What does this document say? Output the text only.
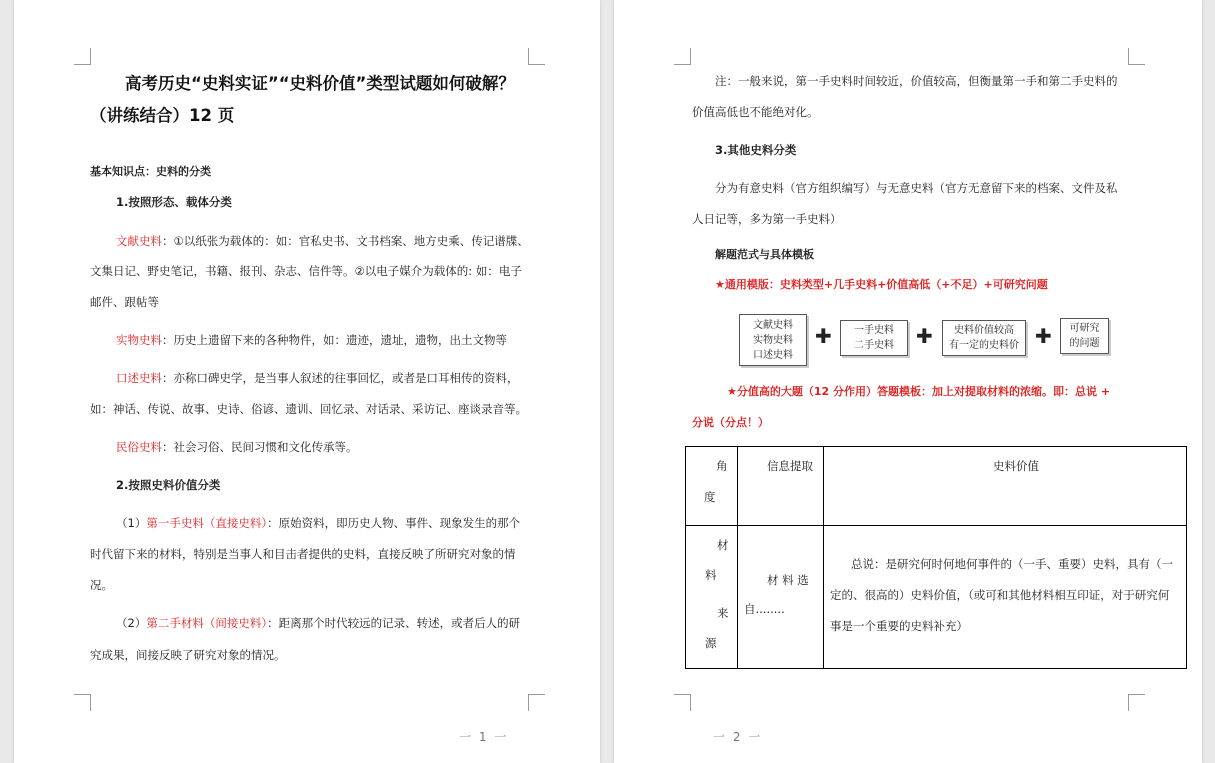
高考历史“史料实证”“史料价值”类型试题如何破解？
（讲练结合）12 页
基本知识点：史料的分类
1.按照形态、载体分类
文献史料：①以纸张为载体的：如：官私史书、文书档案、地方史乘、传记谱牒、
文集日记、野史笔记，书籍、报刊、杂志、信件等。②以电子媒介为载体的: 如：电子
邮件、跟帖等
实物史料：历史上遗留下来的各种物件，如：遗迹，遗址，遗物，出土文物等
口述史料：亦称口碑史学，是当事人叙述的往事回忆，或者是口耳相传的资料，
如：神话、传说、故事、史诗、俗谚、遗训、回忆录、对话录、采访记、座谈录音等。
民俗史料：社会习俗、民间习惯和文化传承等。
2.按照史料价值分类
（1）第一手史料（直接史料）：原始资料，即历史人物、事件、现象发生的那个
时代留下来的材料，特别是当事人和目击者提供的史料，直接反映了所研究对象的情
况。
（2）第二手材料（间接史料）：距离那个时代较远的记录、转述，或者后人的研
究成果，间接反映了研究对象的情况。
一 1 一
注：一般来说，第一手史料时间较近，价值较高，但衡量第一手和第二手史料的
价值高低也不能绝对化。
3.其他史料分类
分为有意史料（官方组织编写）与无意史料（官方无意留下来的档案、文件及私
人日记等，多为第一手史料）
解题范式与具体模板
★通用模版：史料类型+几手史料+价值高低（+不足）+可研究问题
文献史料
实物史料
口述史料
✚	一手史料
二手史料	✚	史料价值较高
有一定的史料价 ✚	可研究
的问题
★分值高的大题（12 分作用）答题模板：加上对提取材料的浓缩。即：总说 +
分说（分点！）
角
度	信息提取	史料价值

材
料
来
源	材 料 选
自........	总说：是研究何时何地何事件的（一手、重要）史料，具有（一
定的、很高的）史料价值，（或可和其他材料相互印证，对于研究何
事是一个重要的史料补充）
一 2 一
